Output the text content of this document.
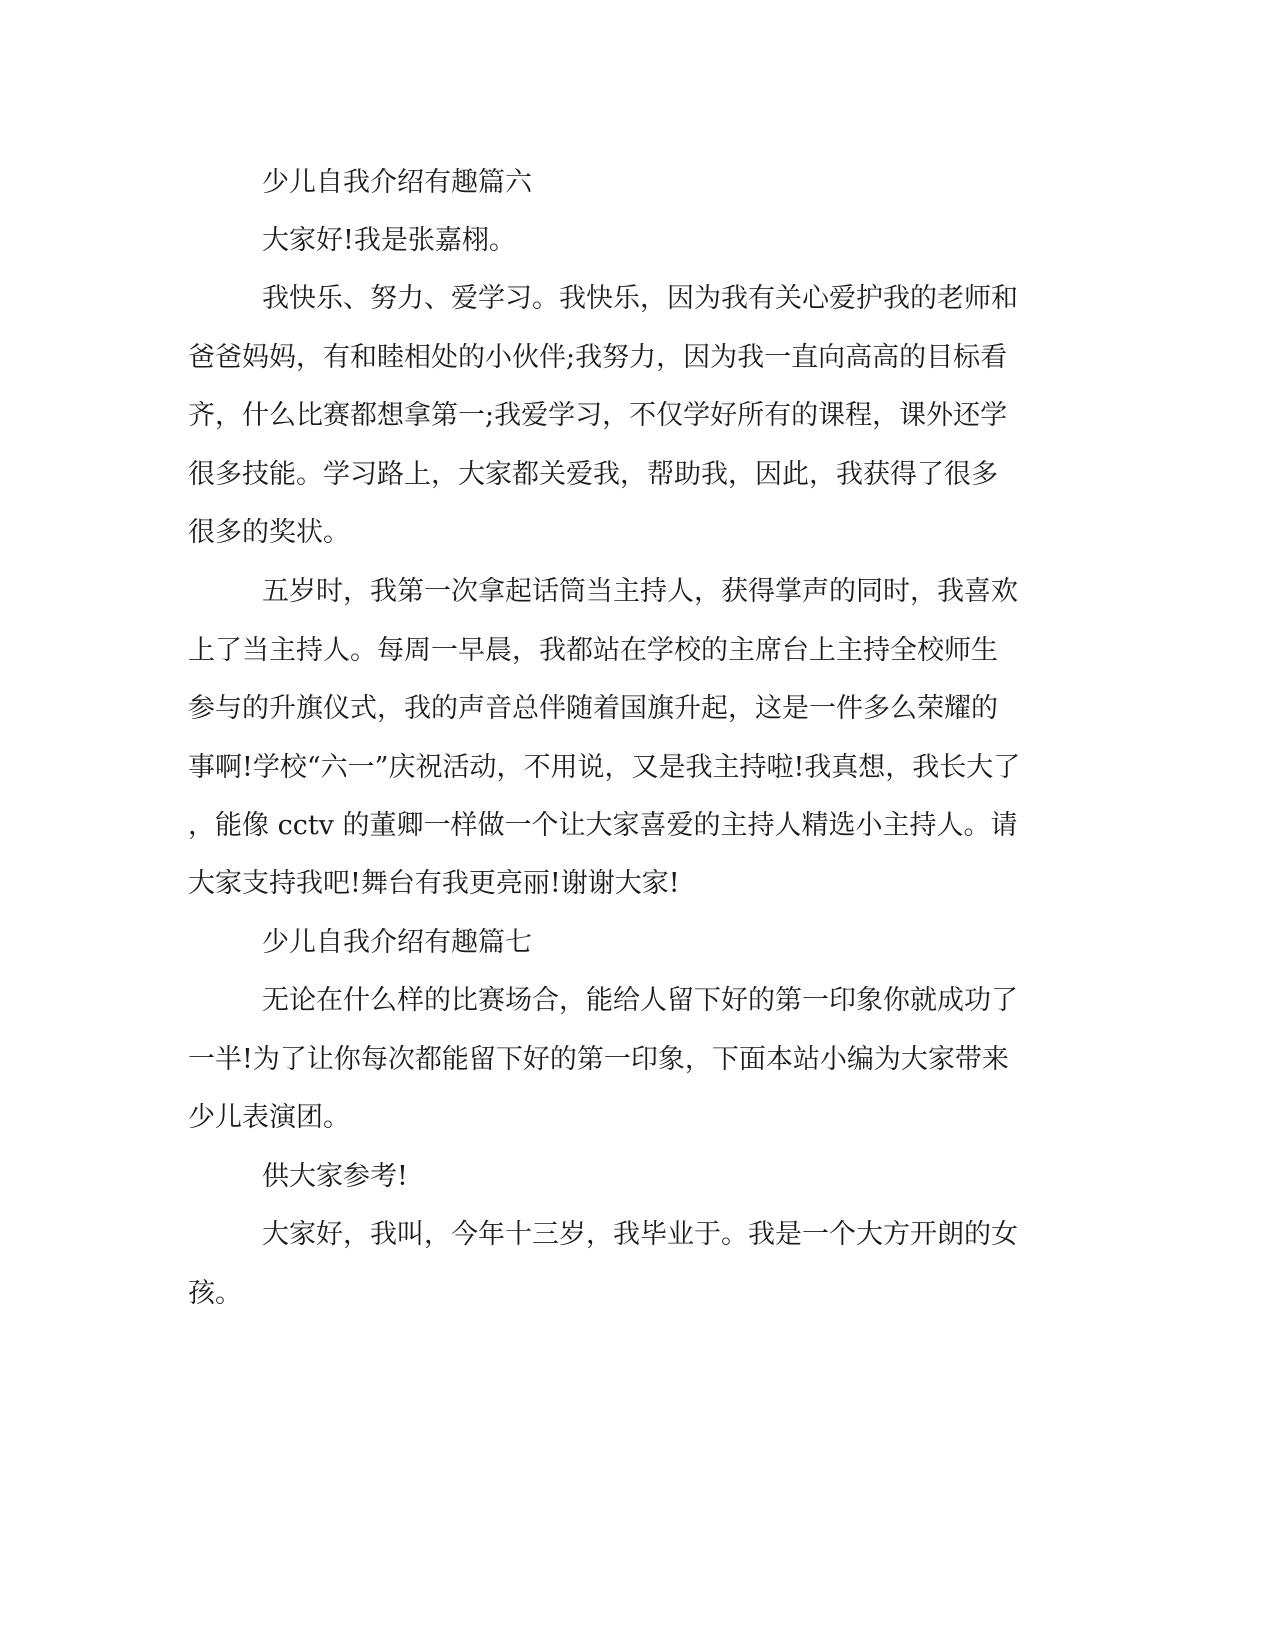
少儿自我介绍有趣篇六
大家好!我是张嘉栩。
我快乐、努力、爱学习。我快乐，因为我有关心爱护我的老师和
爸爸妈妈，有和睦相处的小伙伴;我努力，因为我一直向高高的目标看
齐，什么比赛都想拿第一;我爱学习，不仅学好所有的课程，课外还学
很多技能。学习路上，大家都关爱我，帮助我，因此，我获得了很多
很多的奖状。
五岁时，我第一次拿起话筒当主持人，获得掌声的同时，我喜欢
上了当主持人。每周一早晨，我都站在学校的主席台上主持全校师生
参与的升旗仪式，我的声音总伴随着国旗升起，这是一件多么荣耀的
事啊!学校“六一”庆祝活动，不用说，又是我主持啦!我真想，我长大了
，能像 cctv 的董卿一样做一个让大家喜爱的主持人精选小主持人。请
大家支持我吧!舞台有我更亮丽!谢谢大家!
少儿自我介绍有趣篇七
无论在什么样的比赛场合，能给人留下好的第一印象你就成功了
一半!为了让你每次都能留下好的第一印象，下面本站小编为大家带来
少儿表演团。
供大家参考!
大家好，我叫，今年十三岁，我毕业于。我是一个大方开朗的女
孩。
